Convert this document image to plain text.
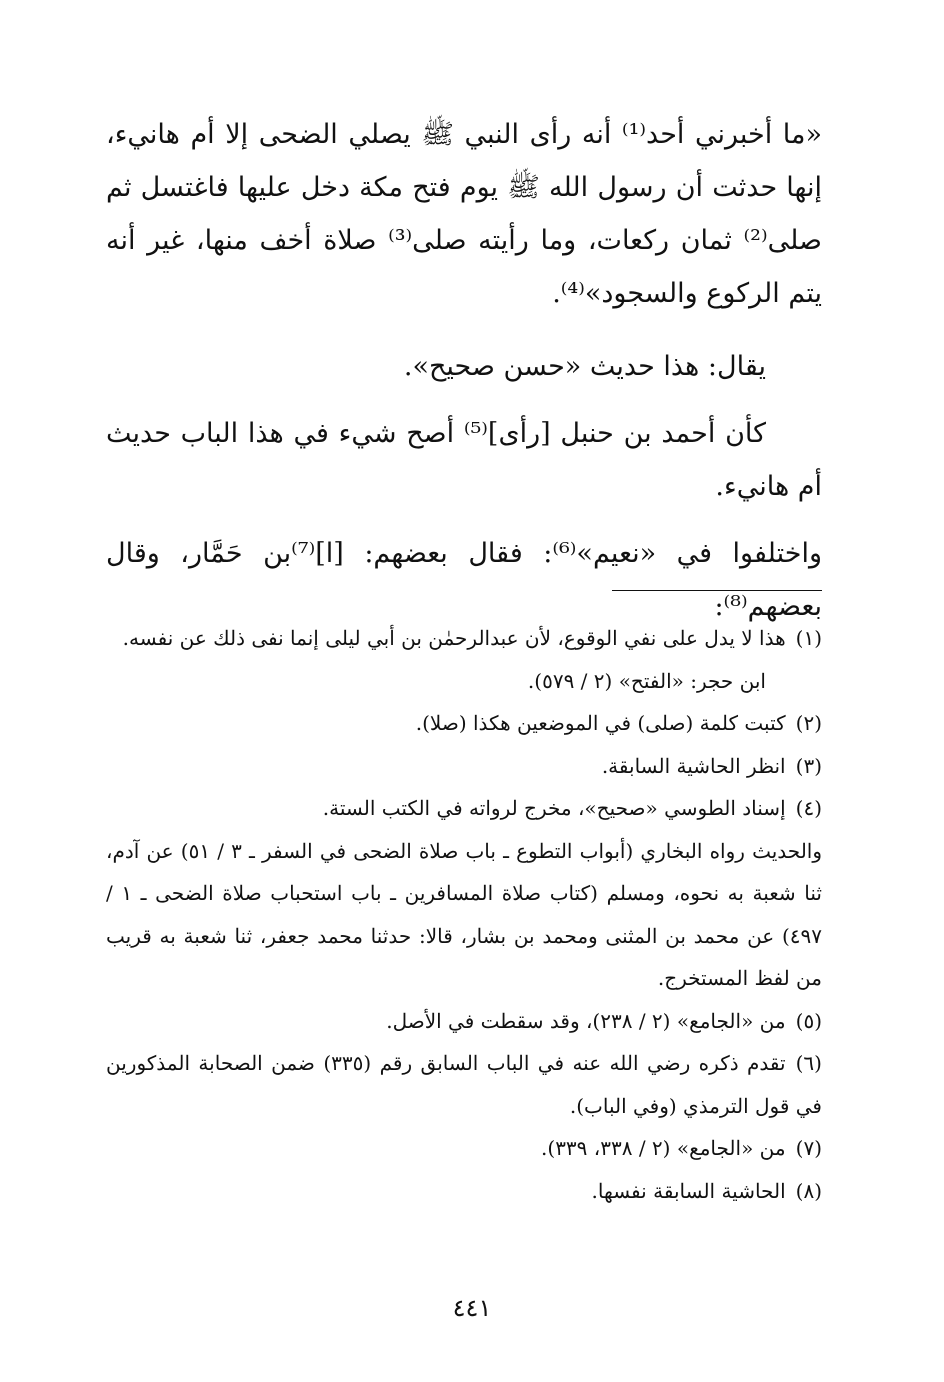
«ما أخبرني أحد⁽¹⁾ أنه رأى النبي ﷺ يصلي الضحى إلا أم هانيء، إنها حدثت أن رسول الله ﷺ يوم فتح مكة دخل عليها فاغتسل ثم صلى⁽²⁾ ثمان ركعات، وما رأيته صلى⁽³⁾ صلاة أخف منها، غير أنه يتم الركوع والسجود»⁽⁴⁾.

يقال: هذا حديث «حسن صحيح».

كأن أحمد بن حنبل [رأى]⁽⁵⁾ أصح شيء في هذا الباب حديث أم هانيء.

واختلفوا في «نعيم»⁽⁶⁾: فقال بعضهم: [ا]⁽⁷⁾بن حَمَّار، وقال بعضهم⁽⁸⁾:

(١)هذا لا يدل على نفي الوقوع، لأن عبدالرحمٰن بن أبي ليلى إنما نفى ذلك عن نفسه.

ابن حجر: «الفتح» (٢ / ٥٧٩).

(٢)كتبت كلمة (صلى) في الموضعين هكذا (صلا).

(٣)انظر الحاشية السابقة.

(٤)إسناد الطوسي «صحيح»، مخرج لرواته في الكتب الستة.

والحديث رواه البخاري (أبواب التطوع ـ باب صلاة الضحى في السفر ـ ٣ / ٥١) عن آدم، ثنا شعبة به نحوه، ومسلم (كتاب صلاة المسافرين ـ باب استحباب صلاة الضحى ـ ١ / ٤٩٧) عن محمد بن المثنى ومحمد بن بشار، قالا: حدثنا محمد جعفر، ثنا شعبة به قريب من لفظ المستخرج.

(٥)من «الجامع» (٢ / ٢٣٨)، وقد سقطت في الأصل.

(٦)تقدم ذكره رضي الله عنه في الباب السابق رقم (٣٣٥) ضمن الصحابة المذكورين في قول الترمذي (وفي الباب).

(٧)من «الجامع» (٢ / ٣٣٨، ٣٣٩).

(٨)الحاشية السابقة نفسها.

٤٤١
